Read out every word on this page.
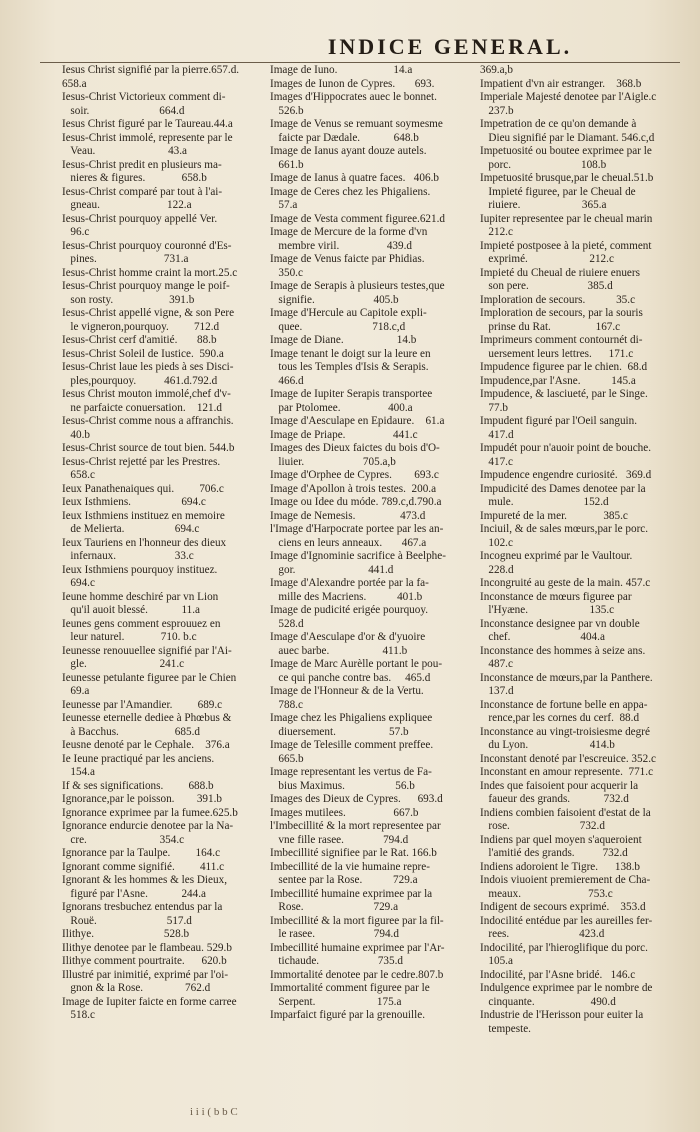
INDICE GENERAL.
Iesus Christ signifié par la pierre.657.d.
658.a
Iesus-Christ Victorieux comment di-
soir.                         664.d
Iesus Christ figuré par le Taureau.44.a
Iesus-Christ immolé, represente par le
Veau.                          43.a
Iesus-Christ predit en plusieurs ma-
nieres & figures.             658.b
Iesus-Christ comparé par tout à l'ai-
gneau.                        122.a
Iesus-Christ pourquoy appellé Ver.
96.c
Iesus-Christ pourquoy couronné d'Es-
pines.                        731.a
Iesus-Christ homme craint la mort.25.c
Iesus-Christ pourquoy mange le poif-
son rosty.                    391.b
Iesus-Christ appellé vigne, & son Pere
le vigneron,pourquoy.         712.d
Iesus-Christ cerf d'amitié.       88.b
Iesus-Christ Soleil de Iustice.  590.a
Iesus-Christ laue les pieds à ses Disci-
ples,pourquoy.          461.d.792.d
Iesus Christ mouton immolé,chef d'v-
ne parfaicte conuersation.    121.d
Iesus-Christ comme nous a affranchis.
40.b
Iesus-Christ source de tout bien. 544.b
Iesus-Christ rejetté par les Prestres.
658.c
Ieux Panathenaiques qui.         706.c
Ieux Isthmiens.                  694.c
Ieux Isthmiens instituez en memoire
de Melierta.                  694.c
Ieux Tauriens en l'honneur des dieux
infernaux.                     33.c
Ieux Isthmiens pourquoy instituez.
694.c
Ieune homme deschiré par vn Lion
qu'il auoit blessé.            11.a
Ieunes gens comment esprouuez en
leur naturel.             710. b.c
Ieunesse renouuellee signifié par l'Ai-
gle.                          241.c
Ieunesse petulante figuree par le Chien
69.a
Ieunesse par l'Amandier.         689.c
Ieunesse eternelle dediee à Phœbus &
à Bacchus.                    685.d
Ieusne denoté par le Cephale.    376.a
Ie Ieune practiqué par les anciens.
154.a
If & ses significations.         688.b
Ignorance,par le poisson.        391.b
Ignorance exprimee par la fumee.625.b
Ignorance endurcie denotee par la Na-
cre.                          354.c
Ignorance par la Taulpe.         164.c
Ignorant comme signifié.         411.c
Ignorant & les hommes & les Dieux,
figuré par l'Asne.            244.a
Ignorans tresbuchez entendus par la
Rouë.                         517.d
Ilithye.                         528.b
Ilithye denotee par le flambeau. 529.b
Ilithye comment pourtraite.      620.b
Illustré par inimitié, exprimé par l'oi-
gnon & la Rose.               762.d
Image de Iupiter faicte en forme carree
518.c
Image de Iuno.                    14.a
Images de Iunon de Cypres.       693.
Images d'Hippocrates auec le bonnet.
526.b
Image de Venus se remuant soymesme
faicte par Dædale.            648.b
Image de Ianus ayant douze autels.
661.b
Image de Ianus à quatre faces.   406.b
Image de Ceres chez les Phigaliens.
57.a
Image de Vesta comment figuree.621.d
Image de Mercure de la forme d'vn
membre viril.                 439.d
Image de Venus faicte par Phidias.
350.c
Image de Serapis à plusieurs testes,que
signifie.                     405.b
Image d'Hercule au Capitole expli-
quee.                         718.c,d
Image de Diane.                   14.b
Image tenant le doigt sur la leure en
tous les Temples d'Isis & Serapis.
466.d
Image de Iupiter Serapis transportee
par Ptolomee.                 400.a
Image d'Aesculape en Epidaure.    61.a
Image de Priape.                 441.c
Images des Dieux faictes du bois d'O-
liuier.                     705.a,b
Image d'Orphee de Cypres.        693.c
Image d'Apollon à trois testes.  200.a
Image ou Idee du móde. 789.c,d.790.a
Image de Nemesis.                473.d
l'Image d'Harpocrate portee par les an-
ciens en leurs anneaux.       467.a
Image d'Ignominie sacrifice à Beelphe-
gor.                          441.d
Image d'Alexandre portée par la fa-
mille des Macriens.           401.b
Image de pudicité erigée pourquoy.
528.d
Image d'Aesculape d'or & d'yuoire
auec barbe.                   411.b
Image de Marc Aurèlle portant le pou-
ce qui panche contre bas.     465.d
Image de l'Honneur & de la Vertu.
788.c
Image chez les Phigaliens expliquee
diuersement.                   57.b
Image de Telesille comment preffee.
665.b
Image representant les vertus de Fa-
bius Maximus.                  56.b
Images des Dieux de Cypres.      693.d
Images mutilees.                 667.b
l'Imbecillité & la mort representee par
vne fille rasee.              794.d
Imbecillité signifiee par le Rat. 166.b
Imbecillité de la vie humaine repre-
sentee par la Rose.           729.a
Imbecillité humaine exprimee par la
Rose.                         729.a
Imbecillité & la mort figuree par la fil-
le rasee.                     794.d
Imbecillité humaine exprimee par l'Ar-
tichaude.                     735.d
Immortalité denotee par le cedre.807.b
Immortalité comment figuree par le
Serpent.                      175.a
Imparfaict figuré par la grenouille.
369.a,b
Impatient d'vn air estranger.    368.b
Imperiale Majesté denotee par l'Aigle.c
237.b
Impetration de ce qu'on demande à
Dieu signifié par le Diamant. 546.c,d
Impetuosité ou boutee exprimee par le
porc.                         108.b
Impetuosité brusque,par le cheual.51.b
Impieté figuree, par le Cheual de
riuiere.                      365.a
Iupiter representee par le cheual marin
212.c
Impieté postposee à la pieté, comment
exprimé.                      212.c
Impieté du Cheual de riuiere enuers
son pere.                     385.d
Imploration de secours.           35.c
Imploration de secours, par la souris
prinse du Rat.                167.c
Imprimeurs comment contournét di-
uersement leurs lettres.      171.c
Impudence figuree par le chien.  68.d
Impudence,par l'Asne.           145.a
Impudence, & lasciueté, par le Singe.
77.b
Impudent figuré par l'Oeil sanguin.
417.d
Impudét pour n'auoir point de bouche.
417.c
Impudence engendre curiosité.   369.d
Impudicité des Dames denotee par la
mule.                         152.d
Impureté de la mer.             385.c
Inciuil, & de sales mœurs,par le porc.
102.c
Incogneu exprimé par le Vaultour.
228.d
Incongruité au geste de la main. 457.c
Inconstance de mœurs figuree par
l'Hyæne.                      135.c
Inconstance designee par vn double
chef.                         404.a
Inconstance des hommes à seize ans.
487.c
Inconstance de mœurs,par la Panthere.
137.d
Inconstance de fortune belle en appa-
rence,par les cornes du cerf.  88.d
Inconstance au vingt-troisiesme degré
du Lyon.                      414.b
Inconstant denoté par l'escreuice. 352.c
Inconstant en amour represente.  771.c
Indes que faisoient pour acquerir la
faueur des grands.            732.d
Indiens combien faisoient d'estat de la
rose.                         732.d
Indiens par quel moyen s'aqueroient
l'amitié des grands.          732.d
Indiens adoroient le Tigre.      138.b
Indois viuoient premierement de Cha-
meaux.                        753.c
Indigent de secours exprimé.    353.d
Indocilité entédue par les aureilles fer-
rees.                         423.d
Indocilité, par l'hieroglifique du porc.
105.a
Indocilité, par l'Asne bridé.   146.c
Indulgence exprimee par le nombre de
cinquante.                    490.d
Industrie de l'Herisson pour euiter la
tempeste.
i i i ( b b C
